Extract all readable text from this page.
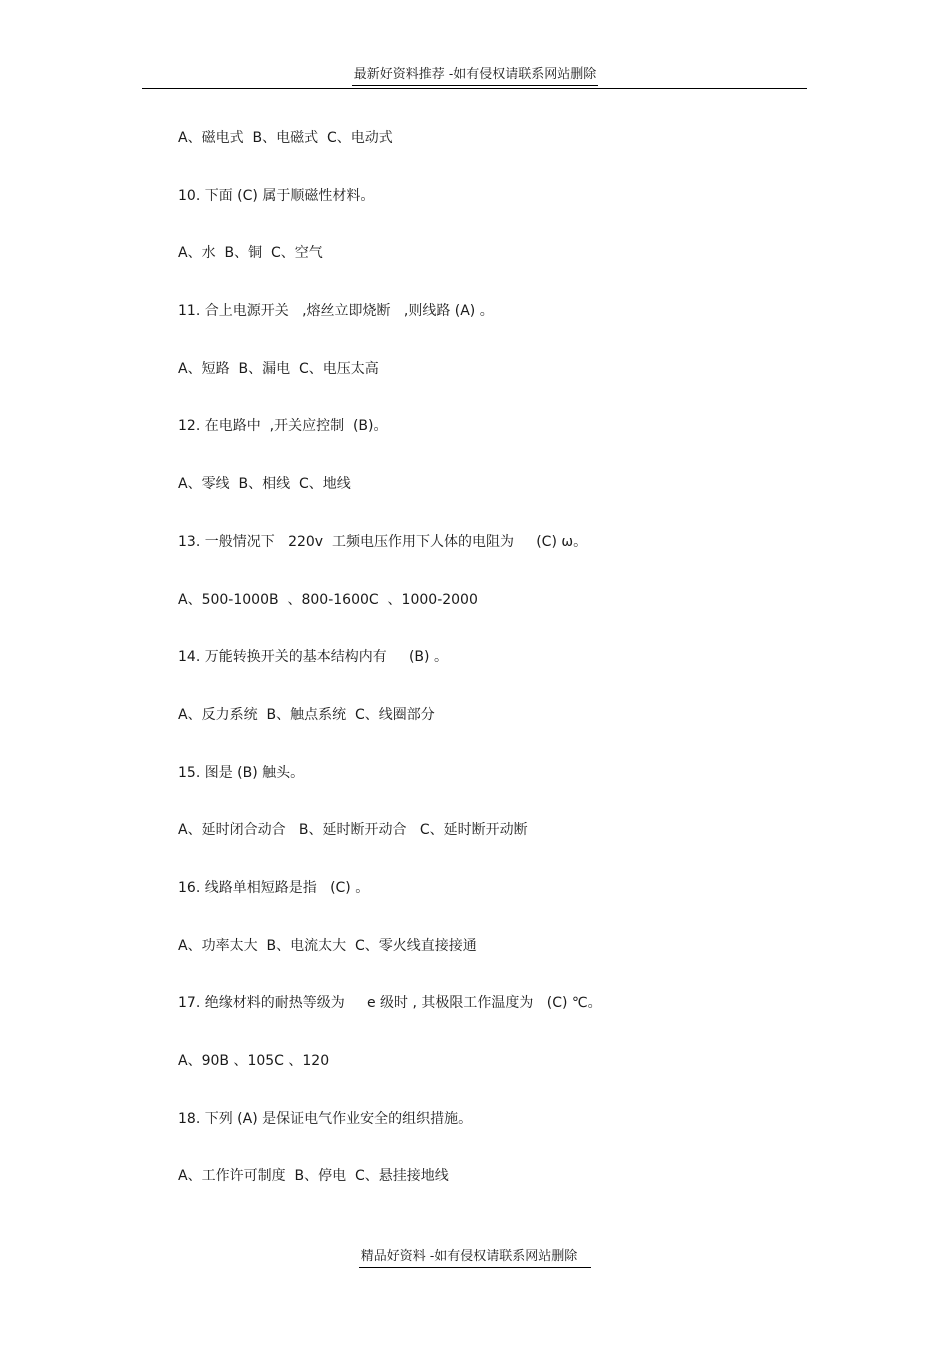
最新好资料推荐 -如有侵权请联系网站删除
A、磁电式  B、电磁式  C、电动式
10. 下面 (C) 属于顺磁性材料。
A、水  B、铜  C、空气
11. 合上电源开关   ,熔丝立即烧断   ,则线路 (A) 。
A、短路  B、漏电  C、电压太高
12. 在电路中  ,开关应控制  (B)。
A、零线  B、相线  C、地线
13. 一般情况下   220v  工频电压作用下人体的电阻为     (C) ω。
A、500-1000B  、800-1600C  、1000-2000
14. 万能转换开关的基本结构内有     (B) 。
A、反力系统  B、触点系统  C、线圈部分
15. 图是 (B) 触头。
A、延时闭合动合   B、延时断开动合   C、延时断开动断
16. 线路单相短路是指   (C) 。
A、功率太大  B、电流太大  C、零火线直接接通
17. 绝缘材料的耐热等级为     e 级时 , 其极限工作温度为   (C) ℃。
A、90B 、105C 、120
18. 下列 (A) 是保证电气作业安全的组织措施。
A、工作许可制度  B、停电  C、悬挂接地线
精品好资料 -如有侵权请联系网站删除
